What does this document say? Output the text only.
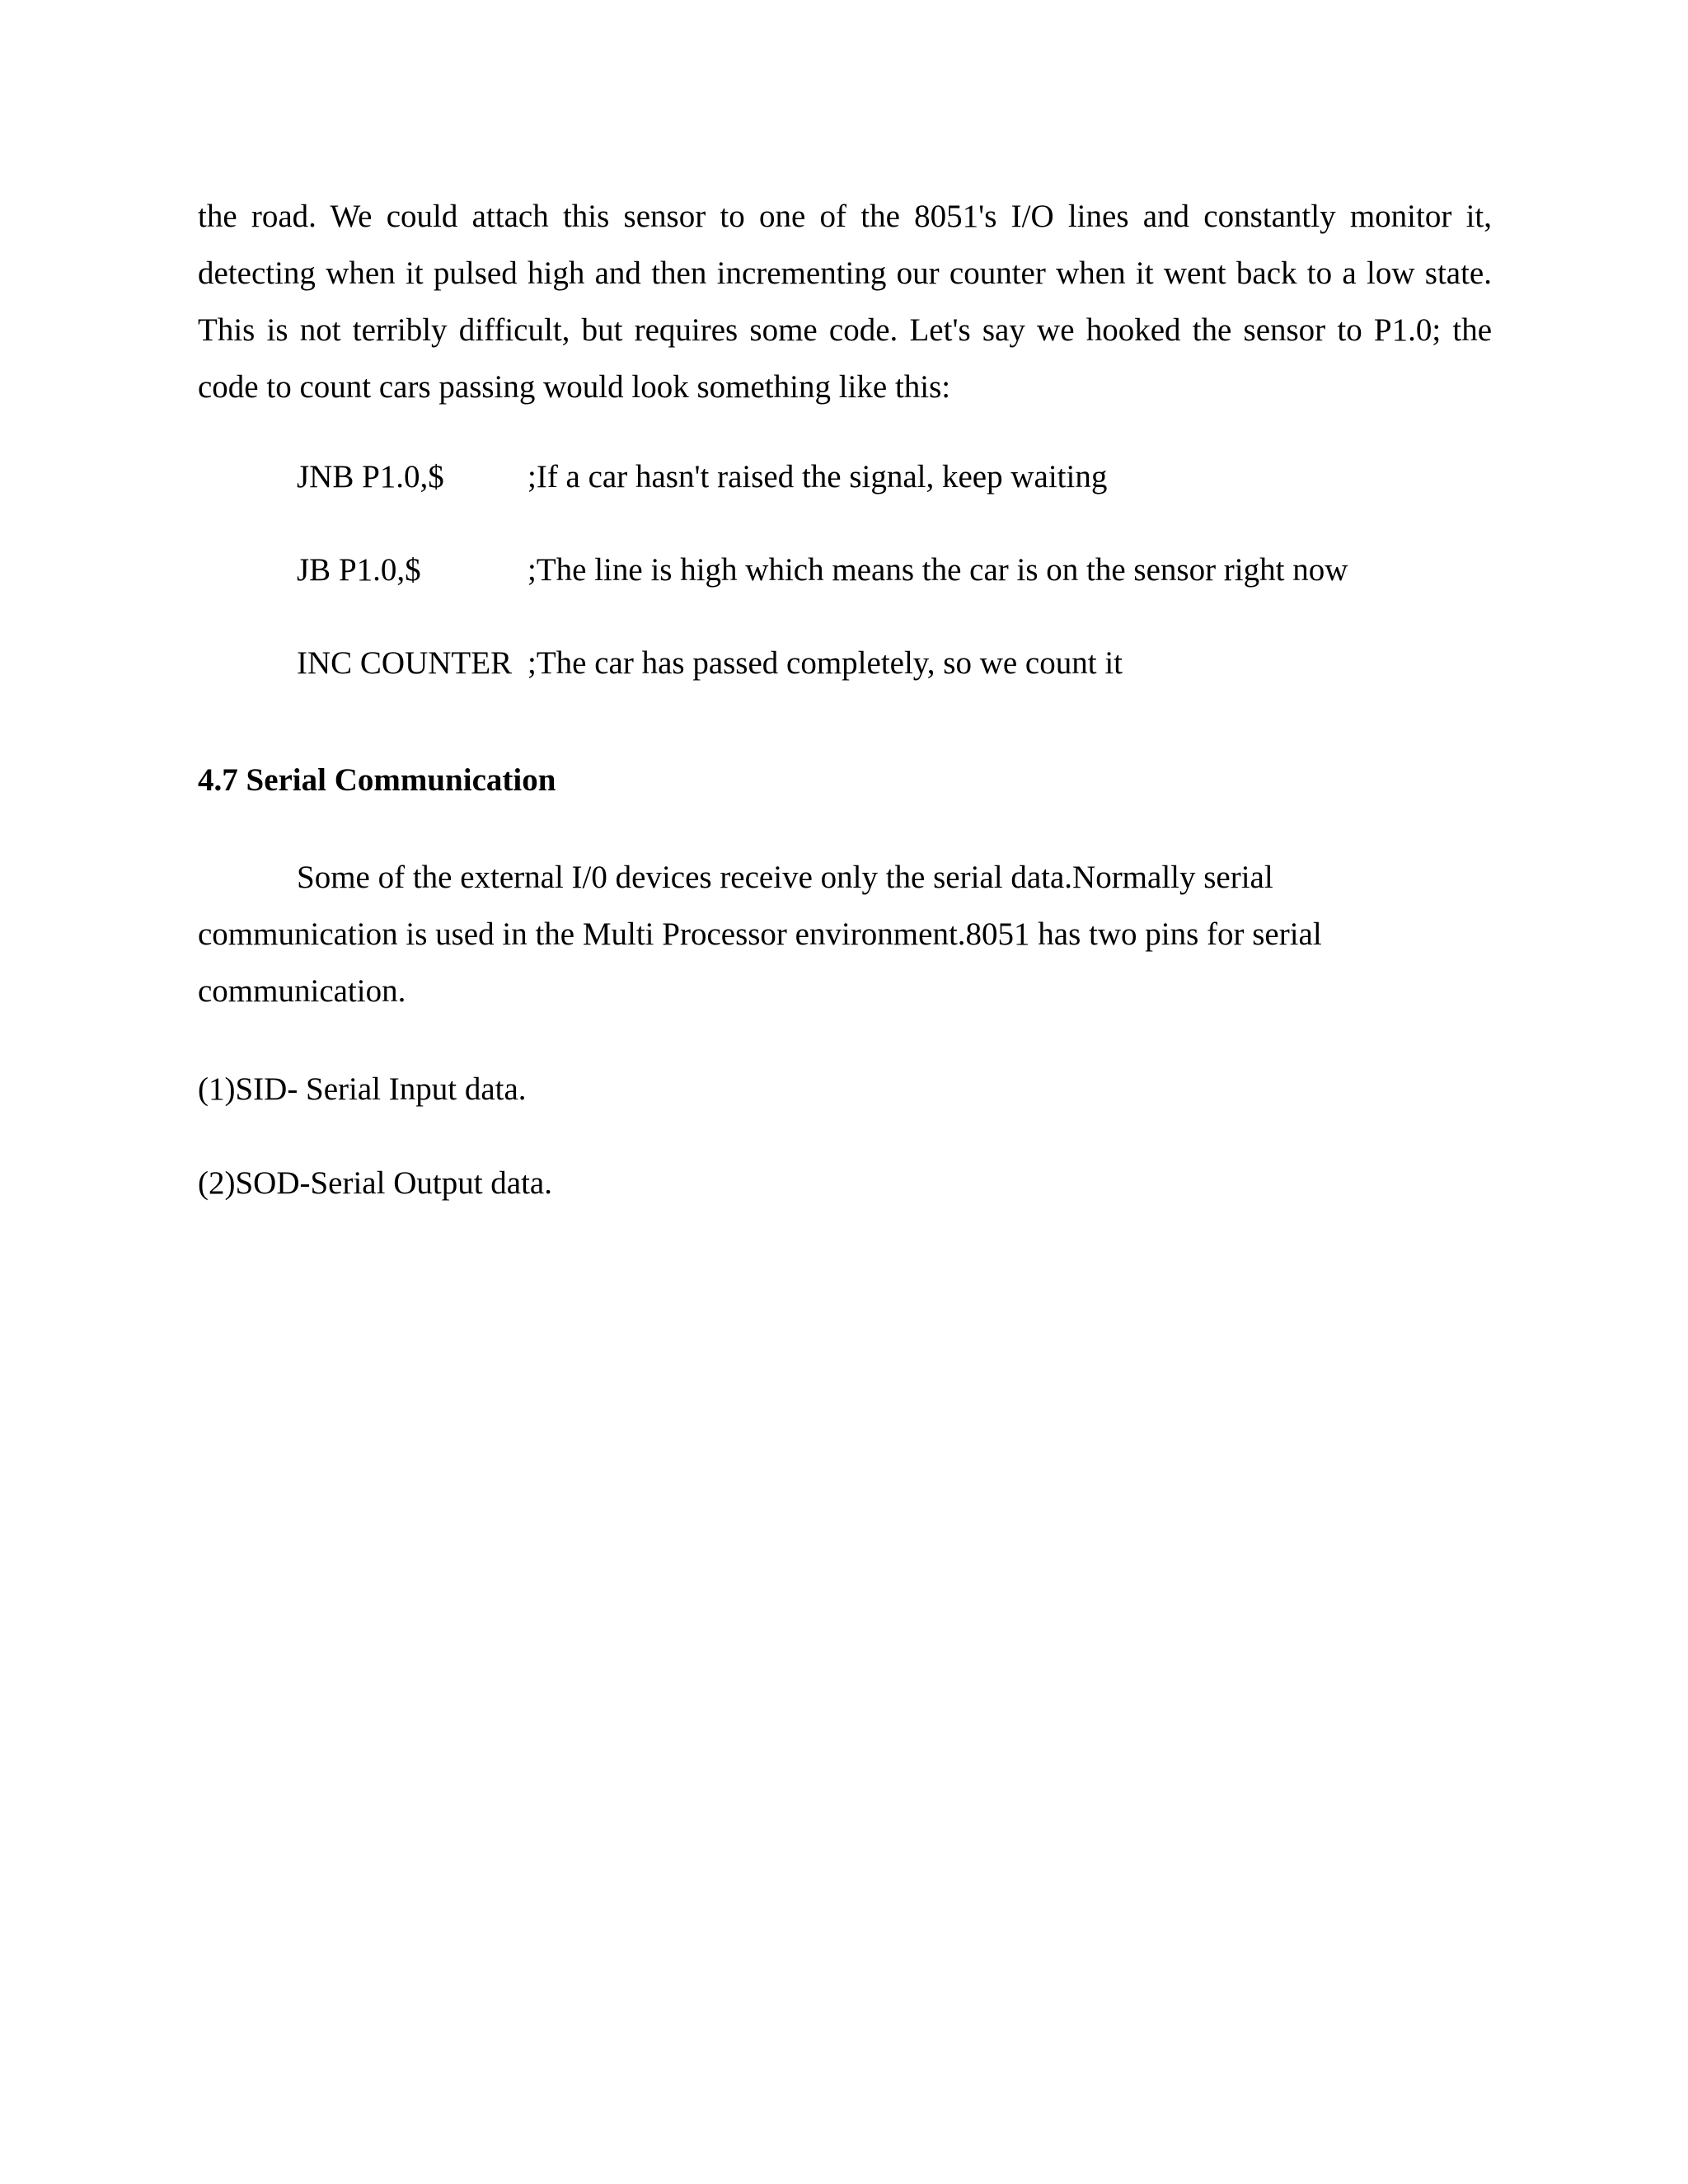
the road. We could attach this sensor to one of the 8051's I/O lines and constantly monitor it, detecting when it pulsed high and then incrementing our counter when it went back to a low state. This is not terribly difficult, but requires some code. Let's say we hooked the sensor to P1.0; the code to count cars passing would look something like this:

JNB P1.0,$	;If a car hasn't raised the signal, keep waiting
JB P1.0,$	;The line is high which means the car is on the sensor right now
INC COUNTER ;The car has passed completely, so we count it
4.7 Serial Communication

Some of the external I/0 devices receive only the serial data.Normally serial communication is used in the Multi Processor environment.8051 has two pins for serial communication.

(1)SID- Serial Input data.
(2)SOD-Serial Output data.
